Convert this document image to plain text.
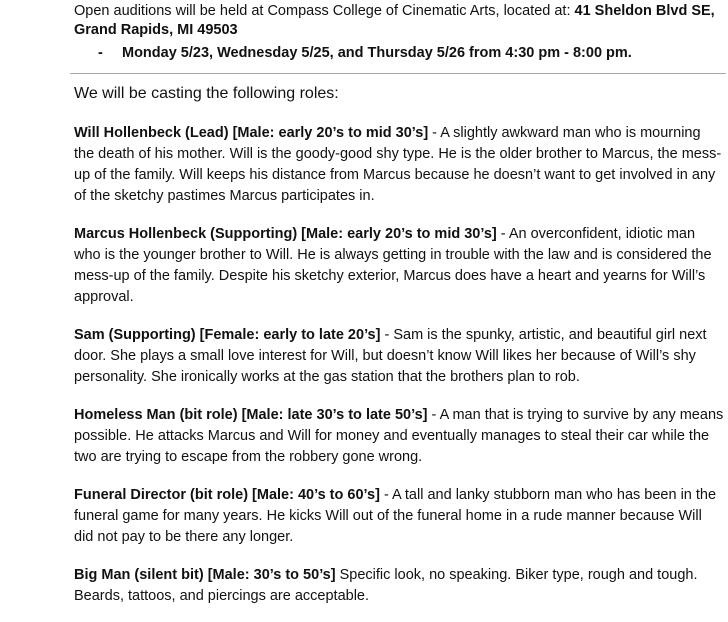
Open auditions will be held at Compass College of Cinematic Arts, located at: 41 Sheldon Blvd SE, Grand Rapids, MI 49503
- Monday 5/23, Wednesday 5/25, and Thursday 5/26 from 4:30 pm - 8:00 pm.
We will be casting the following roles:

Will Hollenbeck (Lead) [Male: early 20’s to mid 30’s] - A slightly awkward man who is mourning the death of his mother. Will is the goody-good shy type. He is the older brother to Marcus, the mess-up of the family. Will keeps his distance from Marcus because he doesn’t want to get involved in any of the sketchy pastimes Marcus participates in.

Marcus Hollenbeck (Supporting) [Male: early 20’s to mid 30’s] - An overconfident, idiotic man who is the younger brother to Will. He is always getting in trouble with the law and is considered the mess-up of the family. Despite his sketchy exterior, Marcus does have a heart and yearns for Will’s approval.

Sam (Supporting) [Female: early to late 20’s] - Sam is the spunky, artistic, and beautiful girl next door. She plays a small love interest for Will, but doesn’t know Will likes her because of Will’s shy personality. She ironically works at the gas station that the brothers plan to rob.

Homeless Man (bit role) [Male: late 30’s to late 50’s] - A man that is trying to survive by any means possible. He attacks Marcus and Will for money and eventually manages to steal their car while the two are trying to escape from the robbery gone wrong.

Funeral Director (bit role) [Male: 40’s to 60’s] - A tall and lanky stubborn man who has been in the funeral game for many years. He kicks Will out of the funeral home in a rude manner because Will did not pay to be there any longer.

Big Man (silent bit) [Male: 30’s to 50’s] Specific look, no speaking. Biker type, rough and tough. Beards, tattoos, and piercings are acceptable.
